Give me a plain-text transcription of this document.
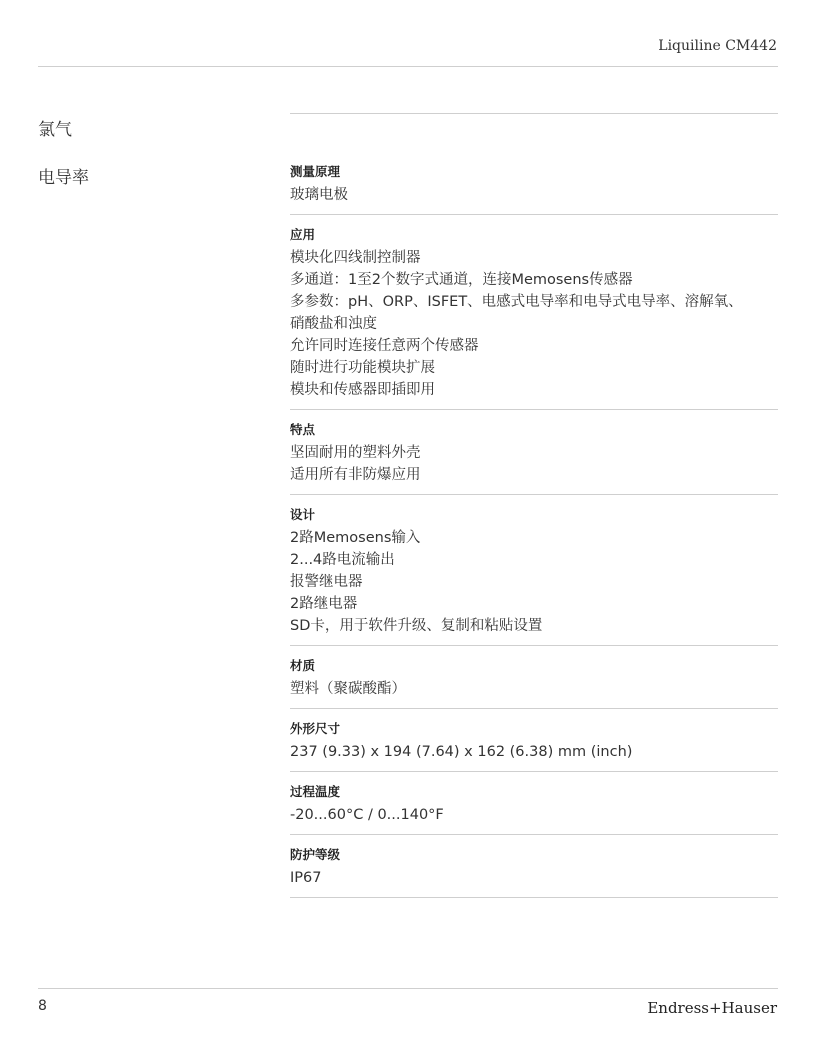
Liquiline CM442
氯气
电导率	测量原理
玻璃电极
应用
模块化四线制控制器
多通道：1至2个数字式通道，连接Memosens传感器
多参数：pH、ORP、ISFET、电感式电导率和电导式电导率、溶解氧、
硝酸盐和浊度
允许同时连接任意两个传感器
随时进行功能模块扩展
模块和传感器即插即用
特点
坚固耐用的塑料外壳
适用所有非防爆应用
设计
2路Memosens输入
2...4路电流输出
报警继电器
2路继电器
SD卡，用于软件升级、复制和粘贴设置
材质
塑料（聚碳酸酯）
外形尺寸
237 (9.33) x 194 (7.64) x 162 (6.38) mm (inch)
过程温度
-20...60°C / 0...140°F
防护等级
IP67
8	Endress+Hauser
